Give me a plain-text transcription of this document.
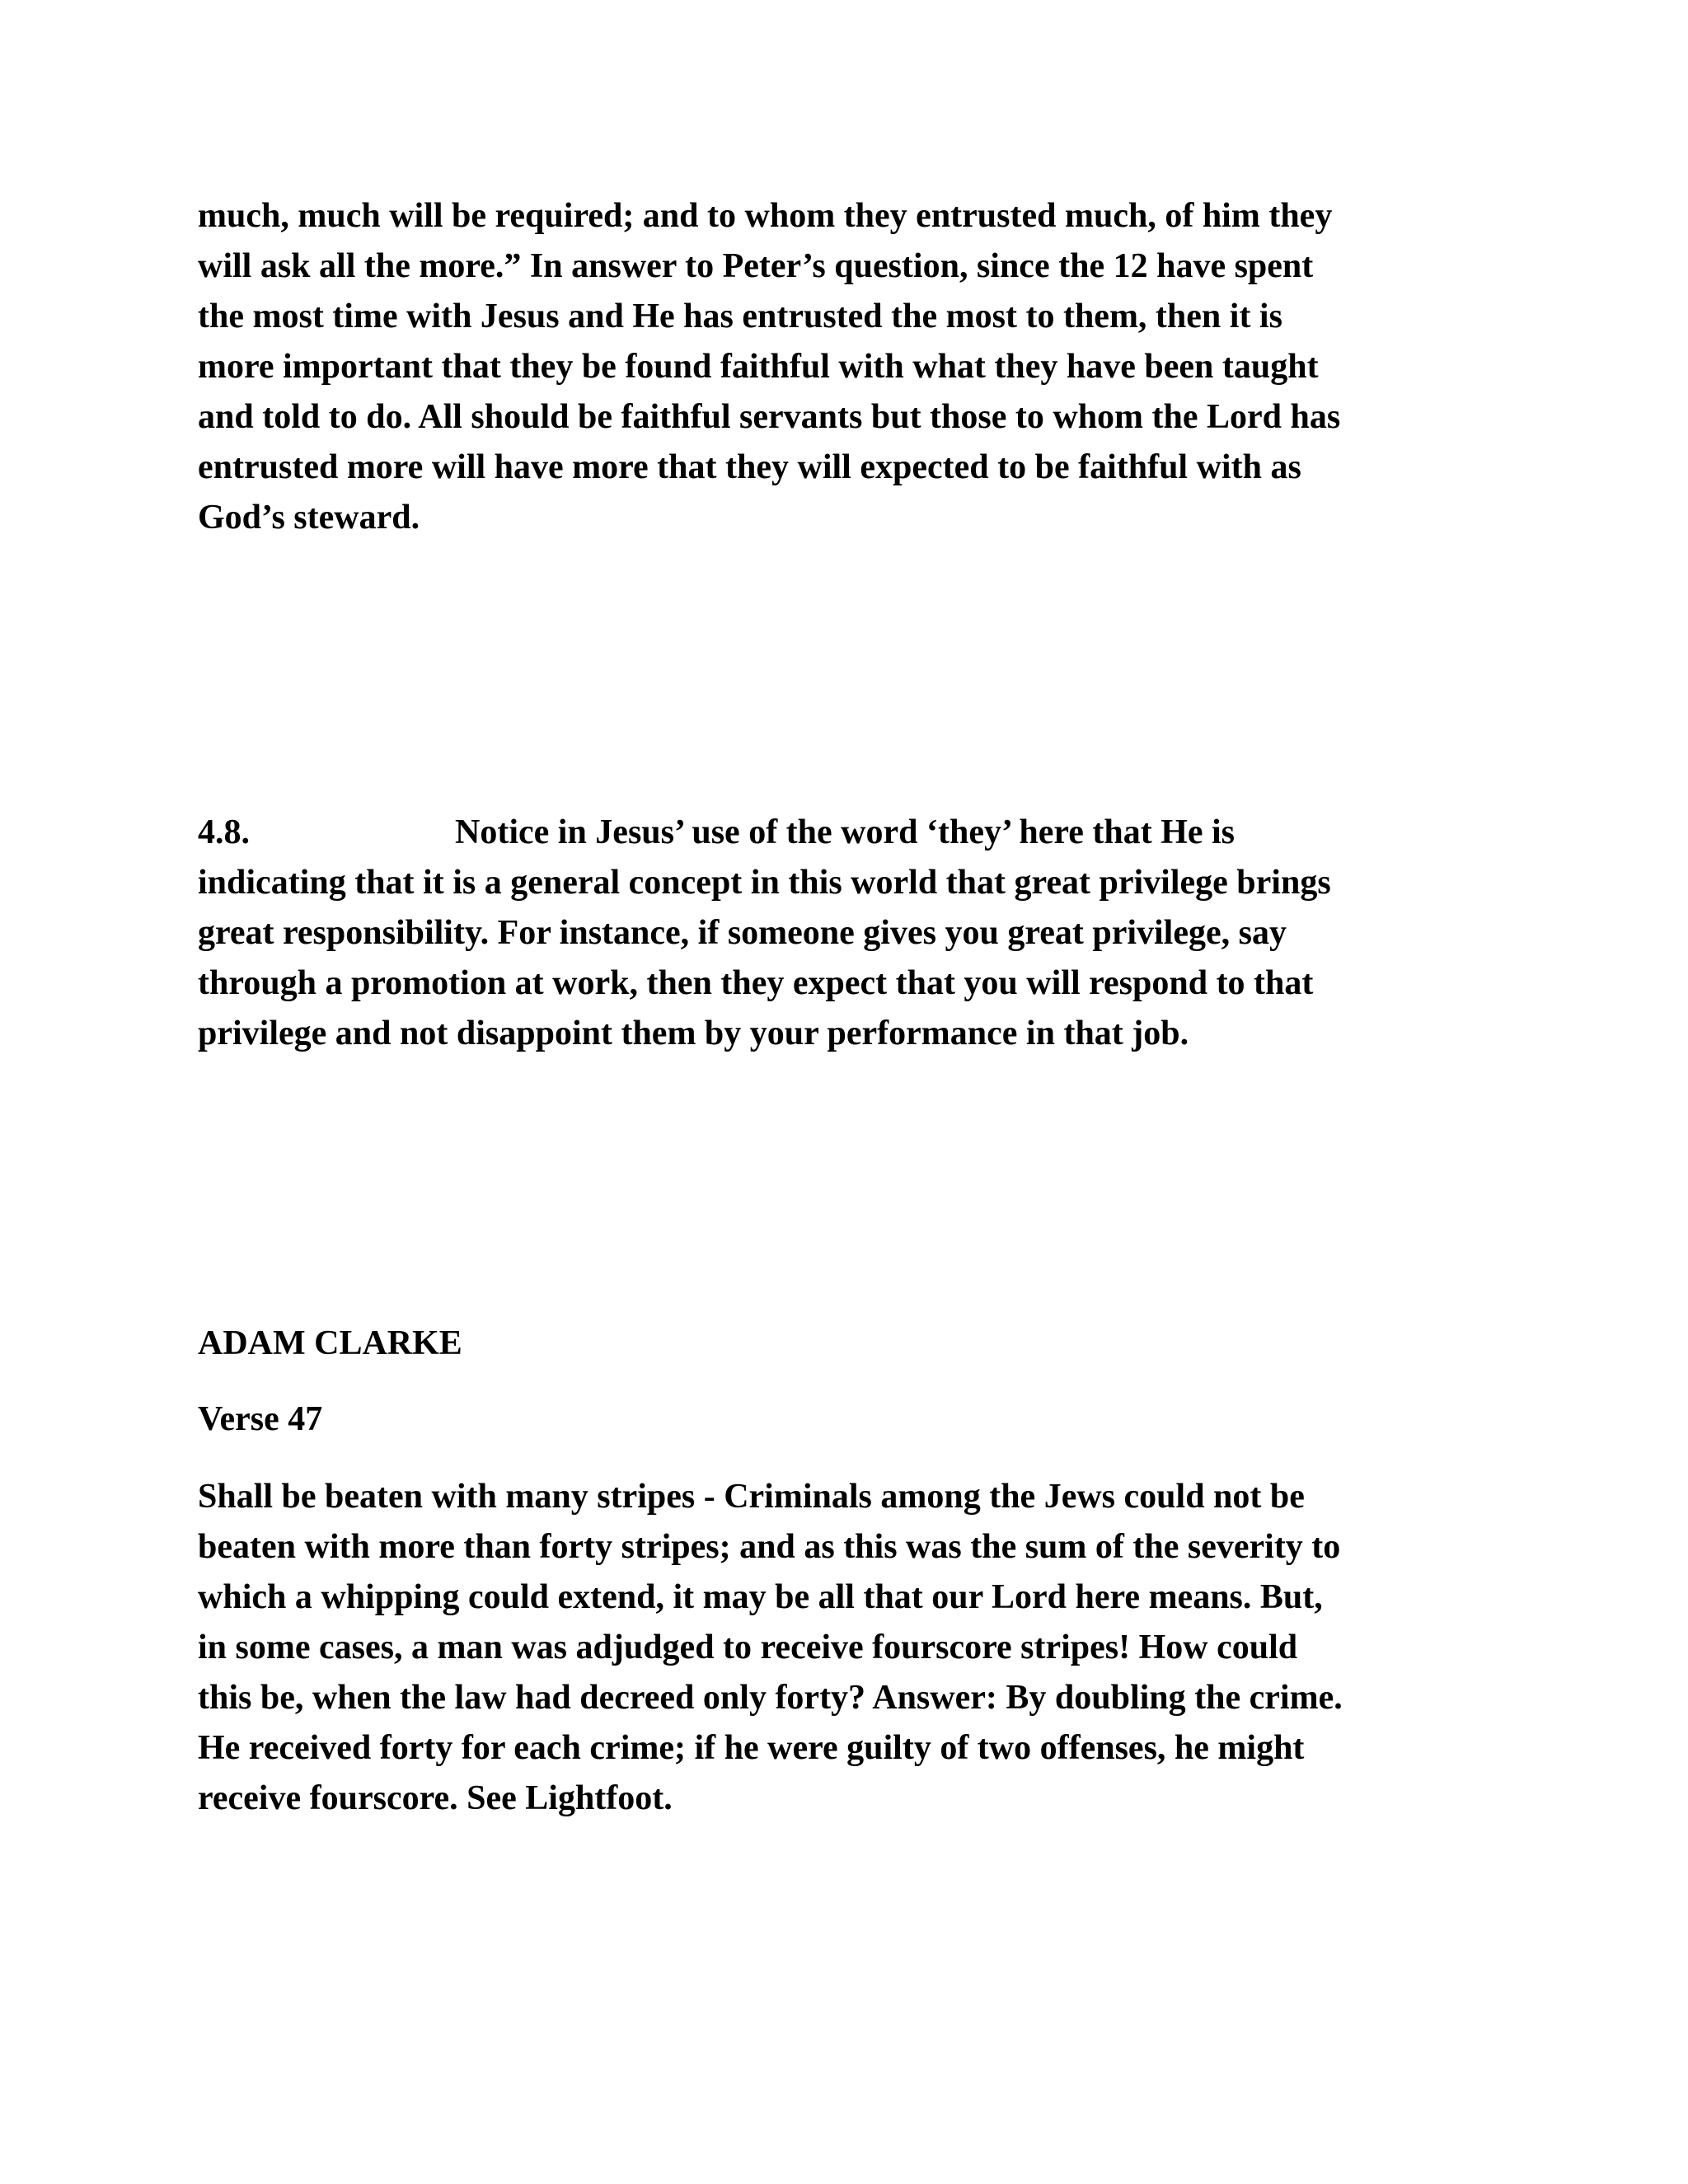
much, much will be required; and to whom they entrusted much, of him they
will ask all the more.” In answer to Peter’s question, since the 12 have spent
the most time with Jesus and He has entrusted the most to them, then it is
more important that they be found faithful with what they have been taught
and told to do. All should be faithful servants but those to whom the Lord has
entrusted more will have more that they will expected to be faithful with as
God’s steward.

4.8.	Notice in Jesus’ use of the word ‘they’ here that He is
indicating that it is a general concept in this world that great privilege brings
great responsibility. For instance, if someone gives you great privilege, say
through a promotion at work, then they expect that you will respond to that
privilege and not disappoint them by your performance in that job.

ADAM CLARKE

Verse 47

Shall be beaten with many stripes - Criminals among the Jews could not be
beaten with more than forty stripes; and as this was the sum of the severity to
which a whipping could extend, it may be all that our Lord here means. But,
in some cases, a man was adjudged to receive fourscore stripes! How could
this be, when the law had decreed only forty? Answer: By doubling the crime.
He received forty for each crime; if he were guilty of two offenses, he might
receive fourscore. See Lightfoot.
